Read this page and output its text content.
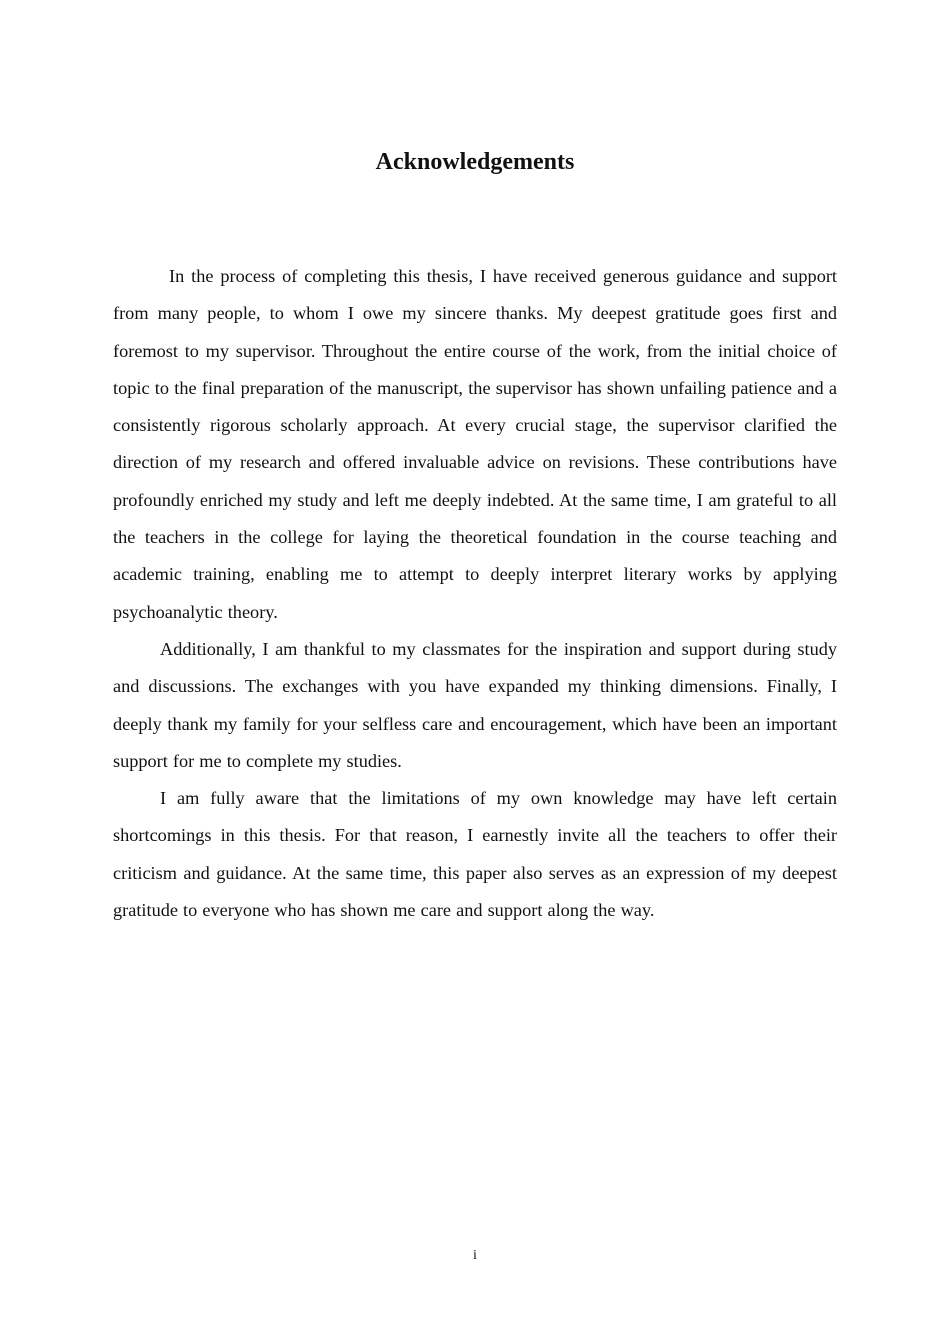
Acknowledgements

In the process of completing this thesis, I have received generous guidance and support from many people, to whom I owe my sincere thanks. My deepest gratitude goes first and foremost to my supervisor. Throughout the entire course of the work, from the initial choice of topic to the final preparation of the manuscript, the supervisor has shown unfailing patience and a consistently rigorous scholarly approach. At every crucial stage, the supervisor clarified the direction of my research and offered invaluable advice on revisions. These contributions have profoundly enriched my study and left me deeply indebted. At the same time, I am grateful to all the teachers in the college for laying the theoretical foundation in the course teaching and academic training, enabling me to attempt to deeply interpret literary works by applying psychoanalytic theory.

Additionally, I am thankful to my classmates for the inspiration and support during study and discussions. The exchanges with you have expanded my thinking dimensions. Finally, I deeply thank my family for your selfless care and encouragement, which have been an important support for me to complete my studies.

I am fully aware that the limitations of my own knowledge may have left certain shortcomings in this thesis. For that reason, I earnestly invite all the teachers to offer their criticism and guidance. At the same time, this paper also serves as an expression of my deepest gratitude to everyone who has shown me care and support along the way.

i
